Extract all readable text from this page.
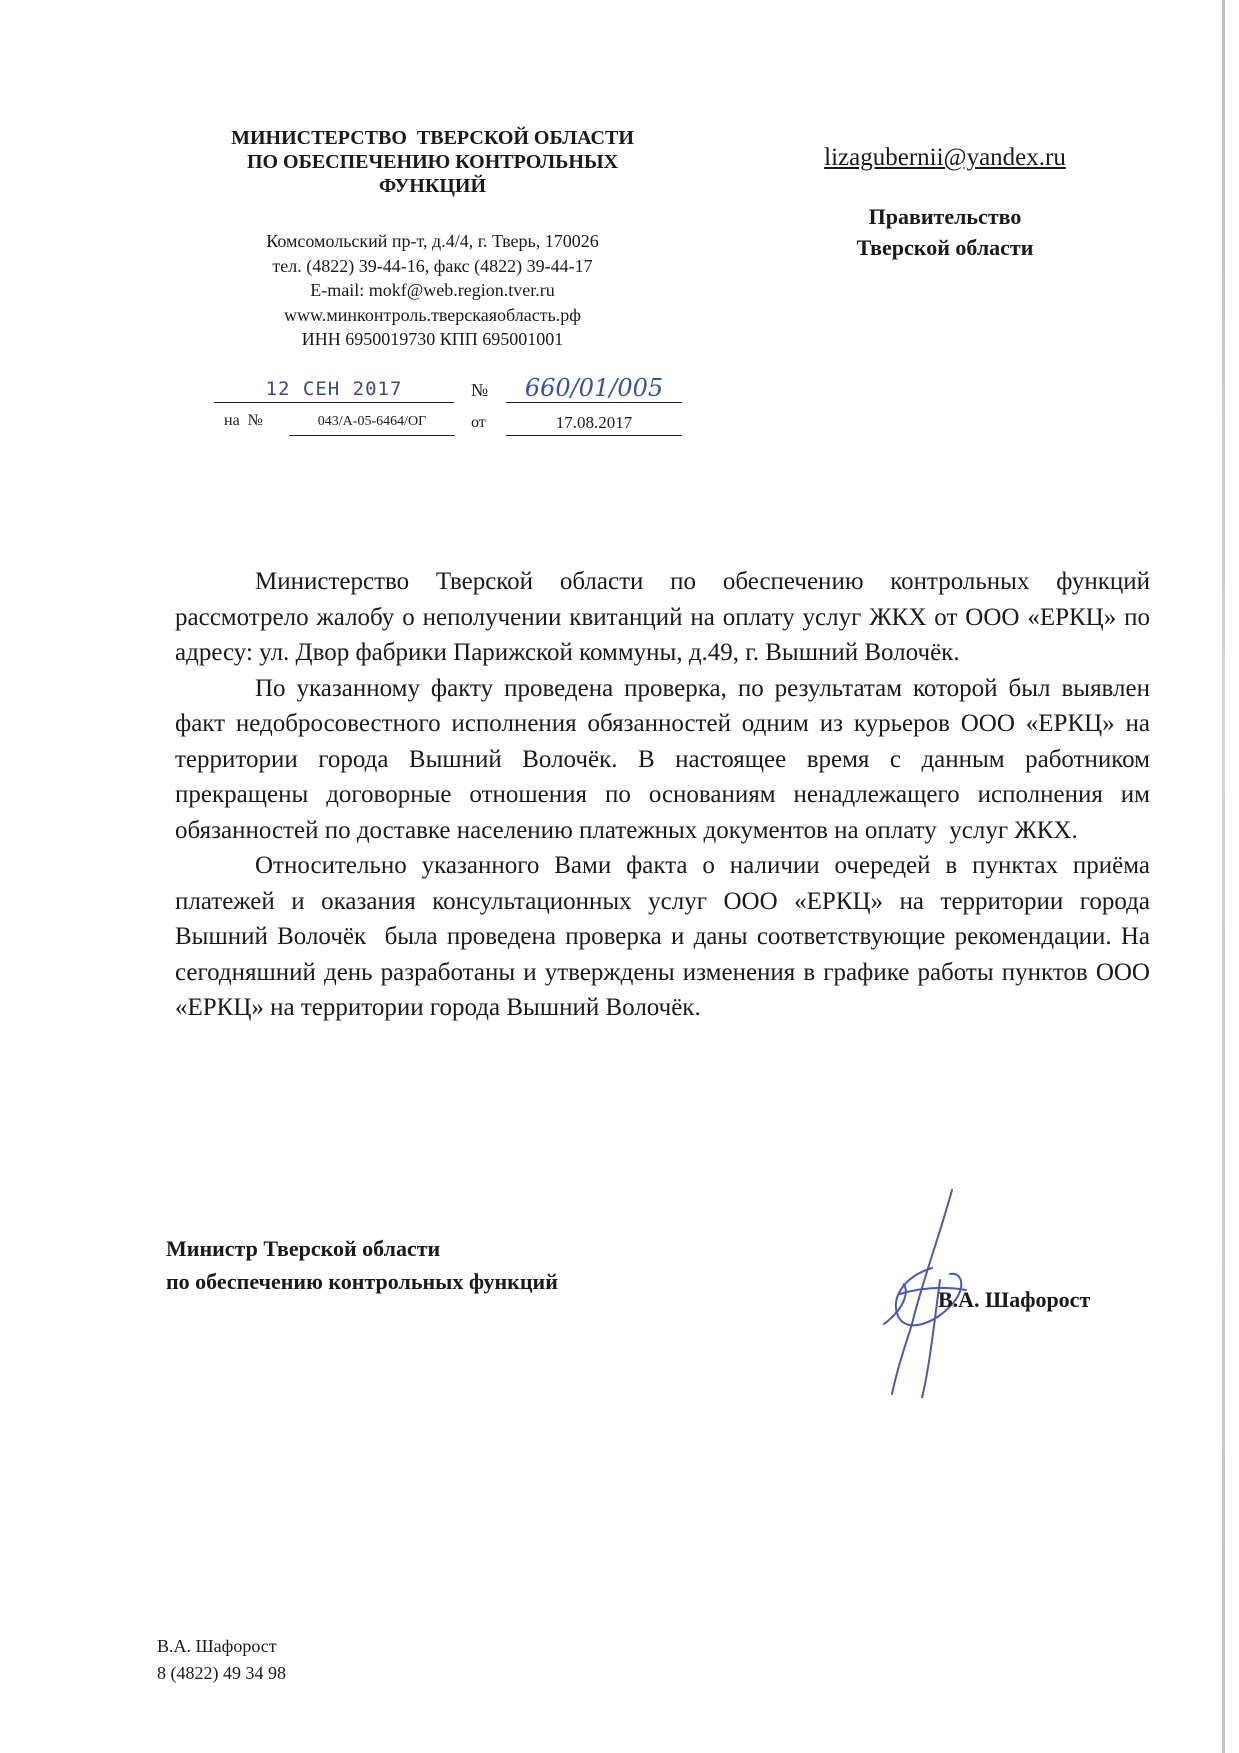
МИНИСТЕРСТВО  ТВЕРСКОЙ ОБЛАСТИ
ПО ОБЕСПЕЧЕНИЮ КОНТРОЛЬНЫХ
ФУНКЦИЙ
Комсомольский пр-т, д.4/4, г. Тверь, 170026
тел. (4822) 39-44-16, факс (4822) 39-44-17
E-mail: mokf@web.region.tver.ru
www.минконтроль.тверскаяобласть.рф
ИНН 6950019730 КПП 695001001
12 СЕН 2017	№	660/01/005
на  №	043/А-05-6464/ОГ	от	17.08.2017
lizagubernii@yandex.ru
Правительство
Тверской области

Министерство Тверской области по обеспечению контрольных функций рассмотрело жалобу о неполучении квитанций на оплату услуг ЖКХ от ООО «ЕРКЦ» по адресу: ул. Двор фабрики Парижской коммуны, д.49, г. Вышний Волочёк.

По указанному факту проведена проверка, по результатам которой был выявлен факт недобросовестного исполнения обязанностей одним из курьеров ООО «ЕРКЦ» на территории города Вышний Волочёк. В настоящее время с данным работником прекращены договорные отношения по основаниям ненадлежащего исполнения им обязанностей по доставке населению платежных документов на оплату  услуг ЖКХ.

Относительно указанного Вами факта о наличии очередей в пунктах приёма платежей и оказания консультационных услуг ООО «ЕРКЦ» на территории города Вышний Волочёк  была проведена проверка и даны соответствующие рекомендации. На сегодняшний день разработаны и утверждены изменения в графике работы пунктов ООО «ЕРКЦ» на территории города Вышний Волочёк.

Министр Тверской области
по обеспечению контрольных функций
В.А. Шафорост
В.А. Шафорост
8 (4822) 49 34 98
